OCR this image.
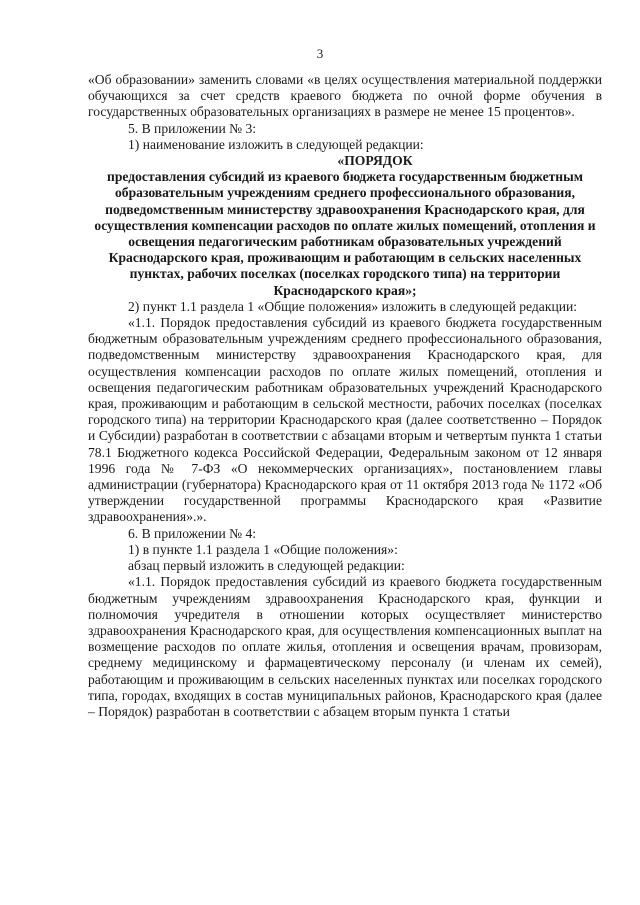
3

«Об образовании» заменить словами «в целях осуществления материальной поддержки обучающихся за счет средств краевого бюджета по очной форме обучения в государственных образовательных организациях в размере не менее 15 процентов».

5. В приложении № 3:

1) наименование изложить в следующей редакции:

«ПОРЯДОК

предоставления субсидий из краевого бюджета государственным бюджетным образовательным учреждениям среднего профессионального образования, подведомственным министерству здравоохранения Краснодарского края, для осуществления компенсации расходов по оплате жилых помещений, отопления и освещения педагогическим работникам образовательных учреждений Краснодарского края, проживающим и работающим в сельских населенных пунктах, рабочих поселках (поселках городского типа) на территории Краснодарского края»;

2) пункт 1.1 раздела 1 «Общие положения» изложить в следующей редакции:

«1.1. Порядок предоставления субсидий из краевого бюджета государственным бюджетным образовательным учреждениям среднего профессионального образования, подведомственным министерству здравоохранения Краснодарского края, для осуществления компенсации расходов по оплате жилых помещений, отопления и освещения педагогическим работникам образовательных учреждений Краснодарского края, проживающим и работающим в сельской местности, рабочих поселках (поселках городского типа) на территории Краснодарского края (далее соответственно – Порядок и Субсидии) разработан в соответствии с абзацами вторым и четвертым пункта 1 статьи 78.1 Бюджетного кодекса Российской Федерации, Федеральным законом от 12 января 1996 года № 7-ФЗ «О некоммерческих организациях», постановлением главы администрации (губернатора) Краснодарского края от 11 октября 2013 года № 1172 «Об утверждении государственной программы Краснодарского края «Развитие здравоохранения».».

6. В приложении № 4:

1) в пункте 1.1 раздела 1 «Общие положения»:

абзац первый изложить в следующей редакции:

«1.1. Порядок предоставления субсидий из краевого бюджета государственным бюджетным учреждениям здравоохранения Краснодарского края, функции и полномочия учредителя в отношении которых осуществляет министерство здравоохранения Краснодарского края, для осуществления компенсационных выплат на возмещение расходов по оплате жилья, отопления и освещения врачам, провизорам, среднему медицинскому и фармацевтическому персоналу (и членам их семей), работающим и проживающим в сельских населенных пунктах или поселках городского типа, городах, входящих в состав муниципальных районов, Краснодарского края (далее – Порядок) разработан в соответствии с абзацем вторым пункта 1 статьи
